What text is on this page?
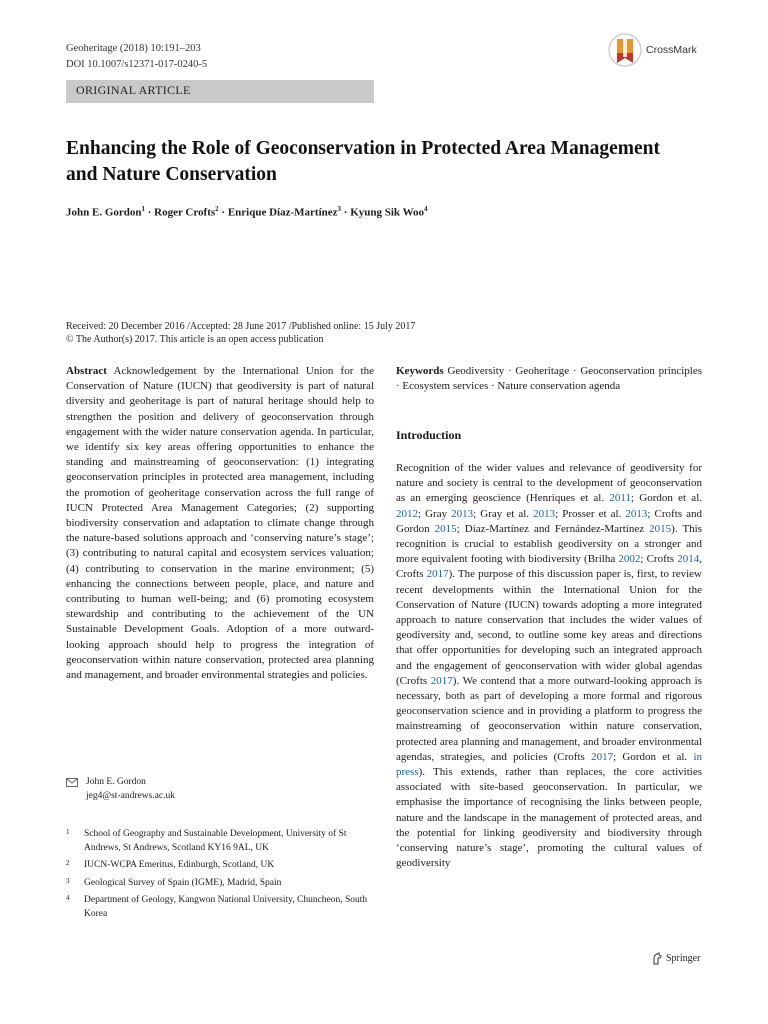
Geoheritage (2018) 10:191–203
DOI 10.1007/s12371-017-0240-5
CrossMark
ORIGINAL ARTICLE
Enhancing the Role of Geoconservation in Protected Area Management and Nature Conservation
John E. Gordon$^1$ · Roger Crofts$^2$ · Enrique Díaz-Martínez$^3$ · Kyung Sik Woo$^4$
Received: 20 December 2016 /Accepted: 28 June 2017 /Published online: 15 July 2017
© The Author(s) 2017. This article is an open access publication
Abstract Acknowledgement by the International Union for the Conservation of Nature (IUCN) that geodiversity is part of natural diversity and geoheritage is part of natural heritage should help to strengthen the position and delivery of geoconservation through engagement with the wider nature conservation agenda. In particular, we identify six key areas offering opportunities to enhance the standing and mainstreaming of geoconservation: (1) integrating geoconservation principles in protected area management, including the promotion of geoheritage conservation across the full range of IUCN Protected Area Management Categories; (2) supporting biodiversity conservation and adaptation to climate change through the nature-based solutions approach and ‘conserving nature’s stage’; (3) contributing to natural capital and ecosystem services valuation; (4) contributing to conservation in the marine environment; (5) enhancing the connections between people, place, and nature and contributing to human well-being; and (6) promoting ecosystem stewardship and contributing to the achievement of the UN Sustainable Development Goals. Adoption of a more outward-looking approach should help to progress the integration of geoconservation within nature conservation, protected area planning and management, and broader environmental strategies and policies.
Keywords Geodiversity · Geoheritage · Geoconservation principles · Ecosystem services · Nature conservation agenda
Introduction
Recognition of the wider values and relevance of geodiversity for nature and society is central to the development of geoconservation as an emerging geoscience (Henriques et al. 2011; Gordon et al. 2012; Gray 2013; Gray et al. 2013; Prosser et al. 2013; Crofts and Gordon 2015; Díaz-Martínez and Fernández-Martínez 2015). This recognition is crucial to establish geodiversity on a stronger and more equivalent footing with biodiversity (Brilha 2002; Crofts 2014, Crofts 2017). The purpose of this discussion paper is, first, to review recent developments within the International Union for the Conservation of Nature (IUCN) towards adopting a more integrated approach to nature conservation that includes the wider values of geodiversity and, second, to outline some key areas and directions that offer opportunities for developing such an integrated approach and the engagement of geoconservation with wider global agendas (Crofts 2017). We contend that a more outward-looking approach is necessary, both as part of developing a more formal and rigorous geoconservation science and in providing a platform to progress the mainstreaming of geoconservation within nature conservation, protected area planning and management, and broader environmental agendas, strategies, and policies (Crofts 2017; Gordon et al. in press). This extends, rather than replaces, the core activities associated with site-based geoconservation. In particular, we emphasise the importance of recognising the links between people, nature and the landscape in the management of protected areas, and the potential for linking geodiversity and biodiversity through ‘conserving nature’s stage’, promoting the cultural values of geodiversity
John E. Gordon
jeg4@st-andrews.ac.uk
1	School of Geography and Sustainable Development, University of St Andrews, St Andrews, Scotland KY16 9AL, UK
2	IUCN-WCPA Emeritus, Edinburgh, Scotland, UK
3	Geological Survey of Spain (IGME), Madrid, Spain
4	Department of Geology, Kangwon National University, Chuncheon, South Korea
Springer
